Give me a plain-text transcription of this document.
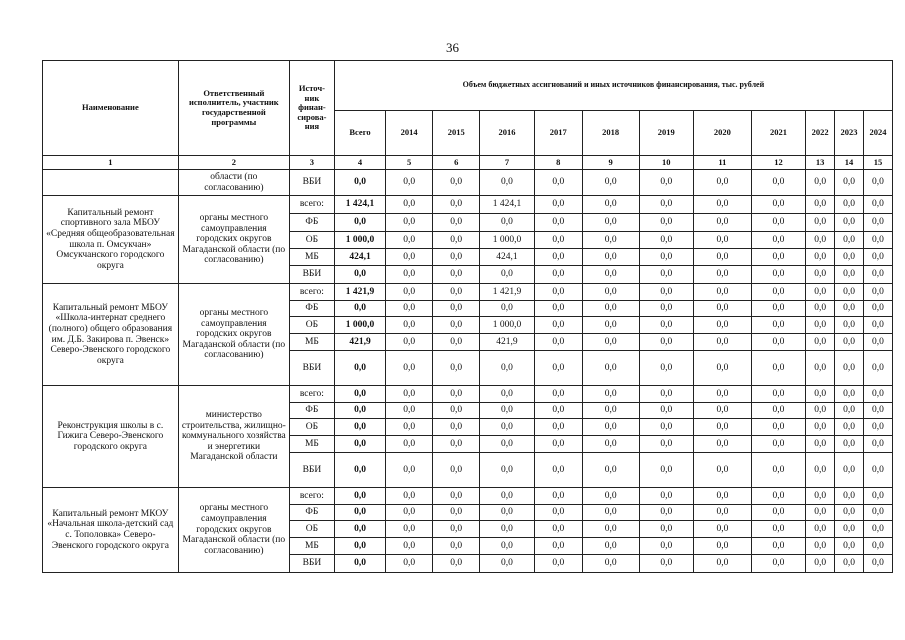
36
Наименование	Ответственный исполнитель, участник государственной программы	Источ-ник финан-сирова-ния	Объем бюджетных ассигнований и иных источников финансирования, тыс. рублей											
			Всего	2014	2015	2016	2017	2018	2019	2020	2021	2022	2023	2024
1	2	3	4	5	6	7	8	9	10	11	12	13	14	15
	области (по согласованию)	ВБИ	0,0	0,0	0,0	0,0	0,0	0,0	0,0	0,0	0,0	0,0	0,0	0,0
Капитальный ремонт спортивного зала МБОУ «Средняя общеобразовательная школа п. Омсукчан» Омсукчанского городского округа	органы местного самоуправления городских округов Магаданской области (по согласованию)	всего:	1 424,1	0,0	0,0	1 424,1	0,0	0,0	0,0	0,0	0,0	0,0	0,0	0,0
		ФБ	0,0	0,0	0,0	0,0	0,0	0,0	0,0	0,0	0,0	0,0	0,0	0,0
		ОБ	1 000,0	0,0	0,0	1 000,0	0,0	0,0	0,0	0,0	0,0	0,0	0,0	0,0
		МБ	424,1	0,0	0,0	424,1	0,0	0,0	0,0	0,0	0,0	0,0	0,0	0,0
		ВБИ	0,0	0,0	0,0	0,0	0,0	0,0	0,0	0,0	0,0	0,0	0,0	0,0
Капитальный ремонт МБОУ «Школа-интернат среднего (полного) общего образования им. Д.Б. Закирова п. Эвенск» Северо-Эвенского городского округа	органы местного самоуправления городских округов Магаданской области (по согласованию)	всего:	1 421,9	0,0	0,0	1 421,9	0,0	0,0	0,0	0,0	0,0	0,0	0,0	0,0
		ФБ	0,0	0,0	0,0	0,0	0,0	0,0	0,0	0,0	0,0	0,0	0,0	0,0
		ОБ	1 000,0	0,0	0,0	1 000,0	0,0	0,0	0,0	0,0	0,0	0,0	0,0	0,0
		МБ	421,9	0,0	0,0	421,9	0,0	0,0	0,0	0,0	0,0	0,0	0,0	0,0
		ВБИ	0,0	0,0	0,0	0,0	0,0	0,0	0,0	0,0	0,0	0,0	0,0	0,0
Реконструкция школы в с. Гижига Северо-Эвенского городского округа	министерство строительства, жилищно-коммунального хозяйства и энергетики Магаданской области	всего:	0,0	0,0	0,0	0,0	0,0	0,0	0,0	0,0	0,0	0,0	0,0	0,0
		ФБ	0,0	0,0	0,0	0,0	0,0	0,0	0,0	0,0	0,0	0,0	0,0	0,0
		ОБ	0,0	0,0	0,0	0,0	0,0	0,0	0,0	0,0	0,0	0,0	0,0	0,0
		МБ	0,0	0,0	0,0	0,0	0,0	0,0	0,0	0,0	0,0	0,0	0,0	0,0
		ВБИ	0,0	0,0	0,0	0,0	0,0	0,0	0,0	0,0	0,0	0,0	0,0	0,0
Капитальный ремонт МКОУ «Начальная школа-детский сад с. Тополовка» Северо-Эвенского городского округа	органы местного самоуправления городских округов Магаданской области (по согласованию)	всего:	0,0	0,0	0,0	0,0	0,0	0,0	0,0	0,0	0,0	0,0	0,0	0,0
		ФБ	0,0	0,0	0,0	0,0	0,0	0,0	0,0	0,0	0,0	0,0	0,0	0,0
		ОБ	0,0	0,0	0,0	0,0	0,0	0,0	0,0	0,0	0,0	0,0	0,0	0,0
		МБ	0,0	0,0	0,0	0,0	0,0	0,0	0,0	0,0	0,0	0,0	0,0	0,0
		ВБИ	0,0	0,0	0,0	0,0	0,0	0,0	0,0	0,0	0,0	0,0	0,0	0,0
